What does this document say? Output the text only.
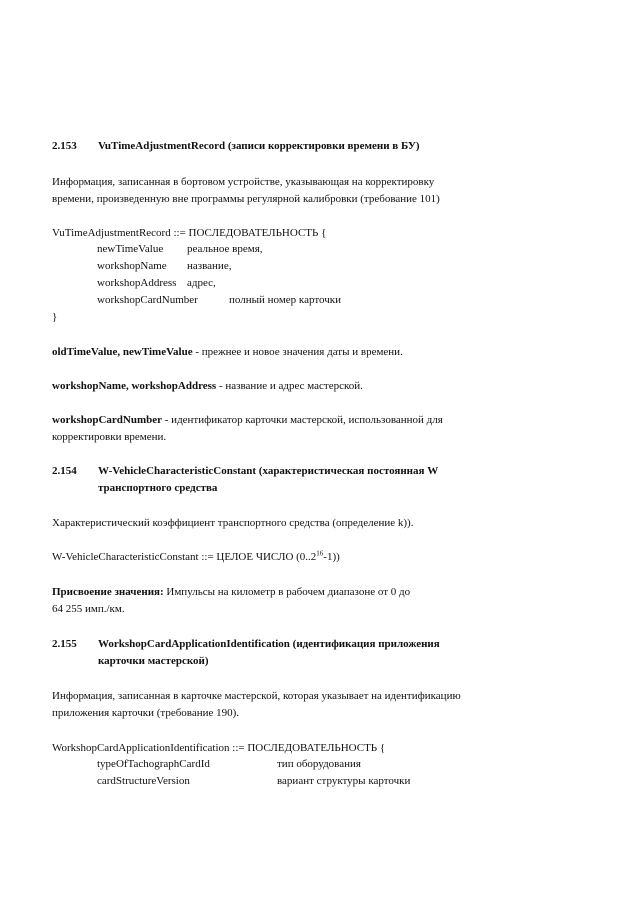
2.153 VuTimeAdjustmentRecord (записи корректировки времени в БУ)
Информация, записанная в бортовом устройстве, указывающая на корректировку
времени, произведенную вне программы регулярной калибровки (требование 101)
VuTimeAdjustmentRecord ::= ПОСЛЕДОВАТЕЛЬНОСТЬ {
newTimeValue реальное время,
workshopName название,
workshopAddress адрес,
workshopCardNumber	полный номер карточки
}
oldTimeValue, newTimeValue - прежнее и новое значения даты и времени.
workshopName, workshopAddress - название и адрес мастерской.
workshopCardNumber - идентификатор карточки мастерской, использованной для
корректировки времени.
2.154 W-VehicleCharacteristicConstant (характеристическая постоянная W
транспортного средства
Характеристический коэффициент транспортного средства (определение k)).
W-VehicleCharacteristicConstant ::= ЦЕЛОЕ ЧИСЛО (0..2$^{16}$-1))
Присвоение значения: Импульсы на километр в рабочем диапазоне от 0 до
64 255 имп./км.
2.155 WorkshopCardApplicationIdentification (идентификация приложения
карточки мастерской)
Информация, записанная в карточке мастерской, которая указывает на идентификацию
приложения карточки (требование 190).
WorkshopCardApplicationIdentification ::= ПОСЛЕДОВАТЕЛЬНОСТЬ {
typeOfTachographCardId	тип оборудования
cardStructureVersion	вариант структуры карточки
